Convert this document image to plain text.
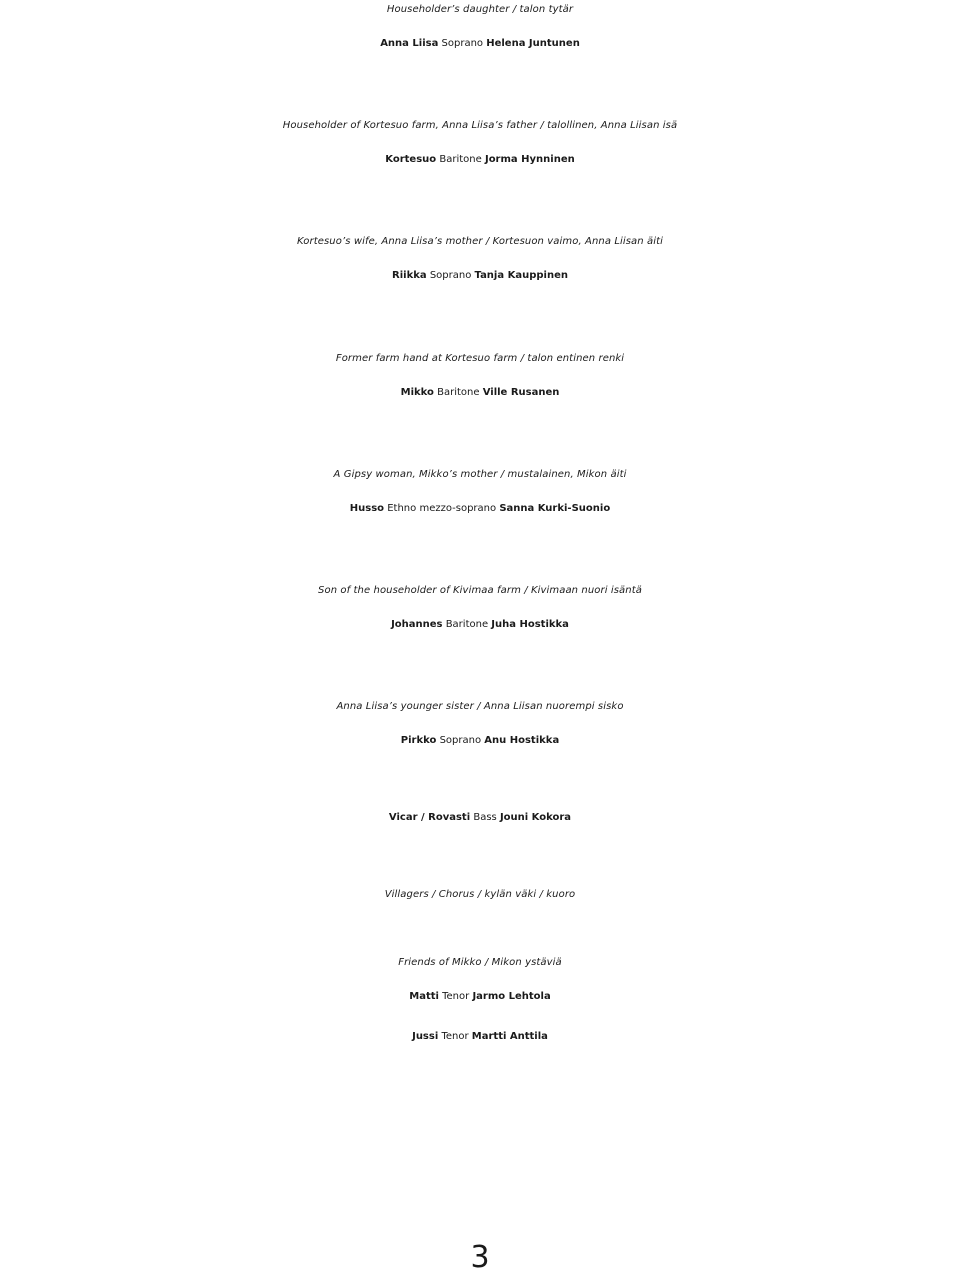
Householder’s daughter / talon tytär
Anna Liisa Soprano Helena Juntunen
Householder of Kortesuo farm, Anna Liisa’s father / talollinen, Anna Liisan isä
Kortesuo Baritone Jorma Hynninen
Kortesuo’s wife, Anna Liisa’s mother / Kortesuon vaimo, Anna Liisan äiti
Riikka Soprano Tanja Kauppinen
Former farm hand at Kortesuo farm / talon entinen renki
Mikko Baritone Ville Rusanen
A Gipsy woman, Mikko’s mother / mustalainen, Mikon äiti
Husso Ethno mezzo-soprano Sanna Kurki-Suonio
Son of the householder of Kivimaa farm / Kivimaan nuori isäntä
Johannes Baritone Juha Hostikka
Anna Liisa’s younger sister / Anna Liisan nuorempi sisko
Pirkko Soprano Anu Hostikka
Vicar / Rovasti Bass Jouni Kokora
Villagers / Chorus / kylän väki / kuoro
Friends of Mikko / Mikon ystäviä
Matti Tenor Jarmo Lehtola
Jussi Tenor Martti Anttila
3
